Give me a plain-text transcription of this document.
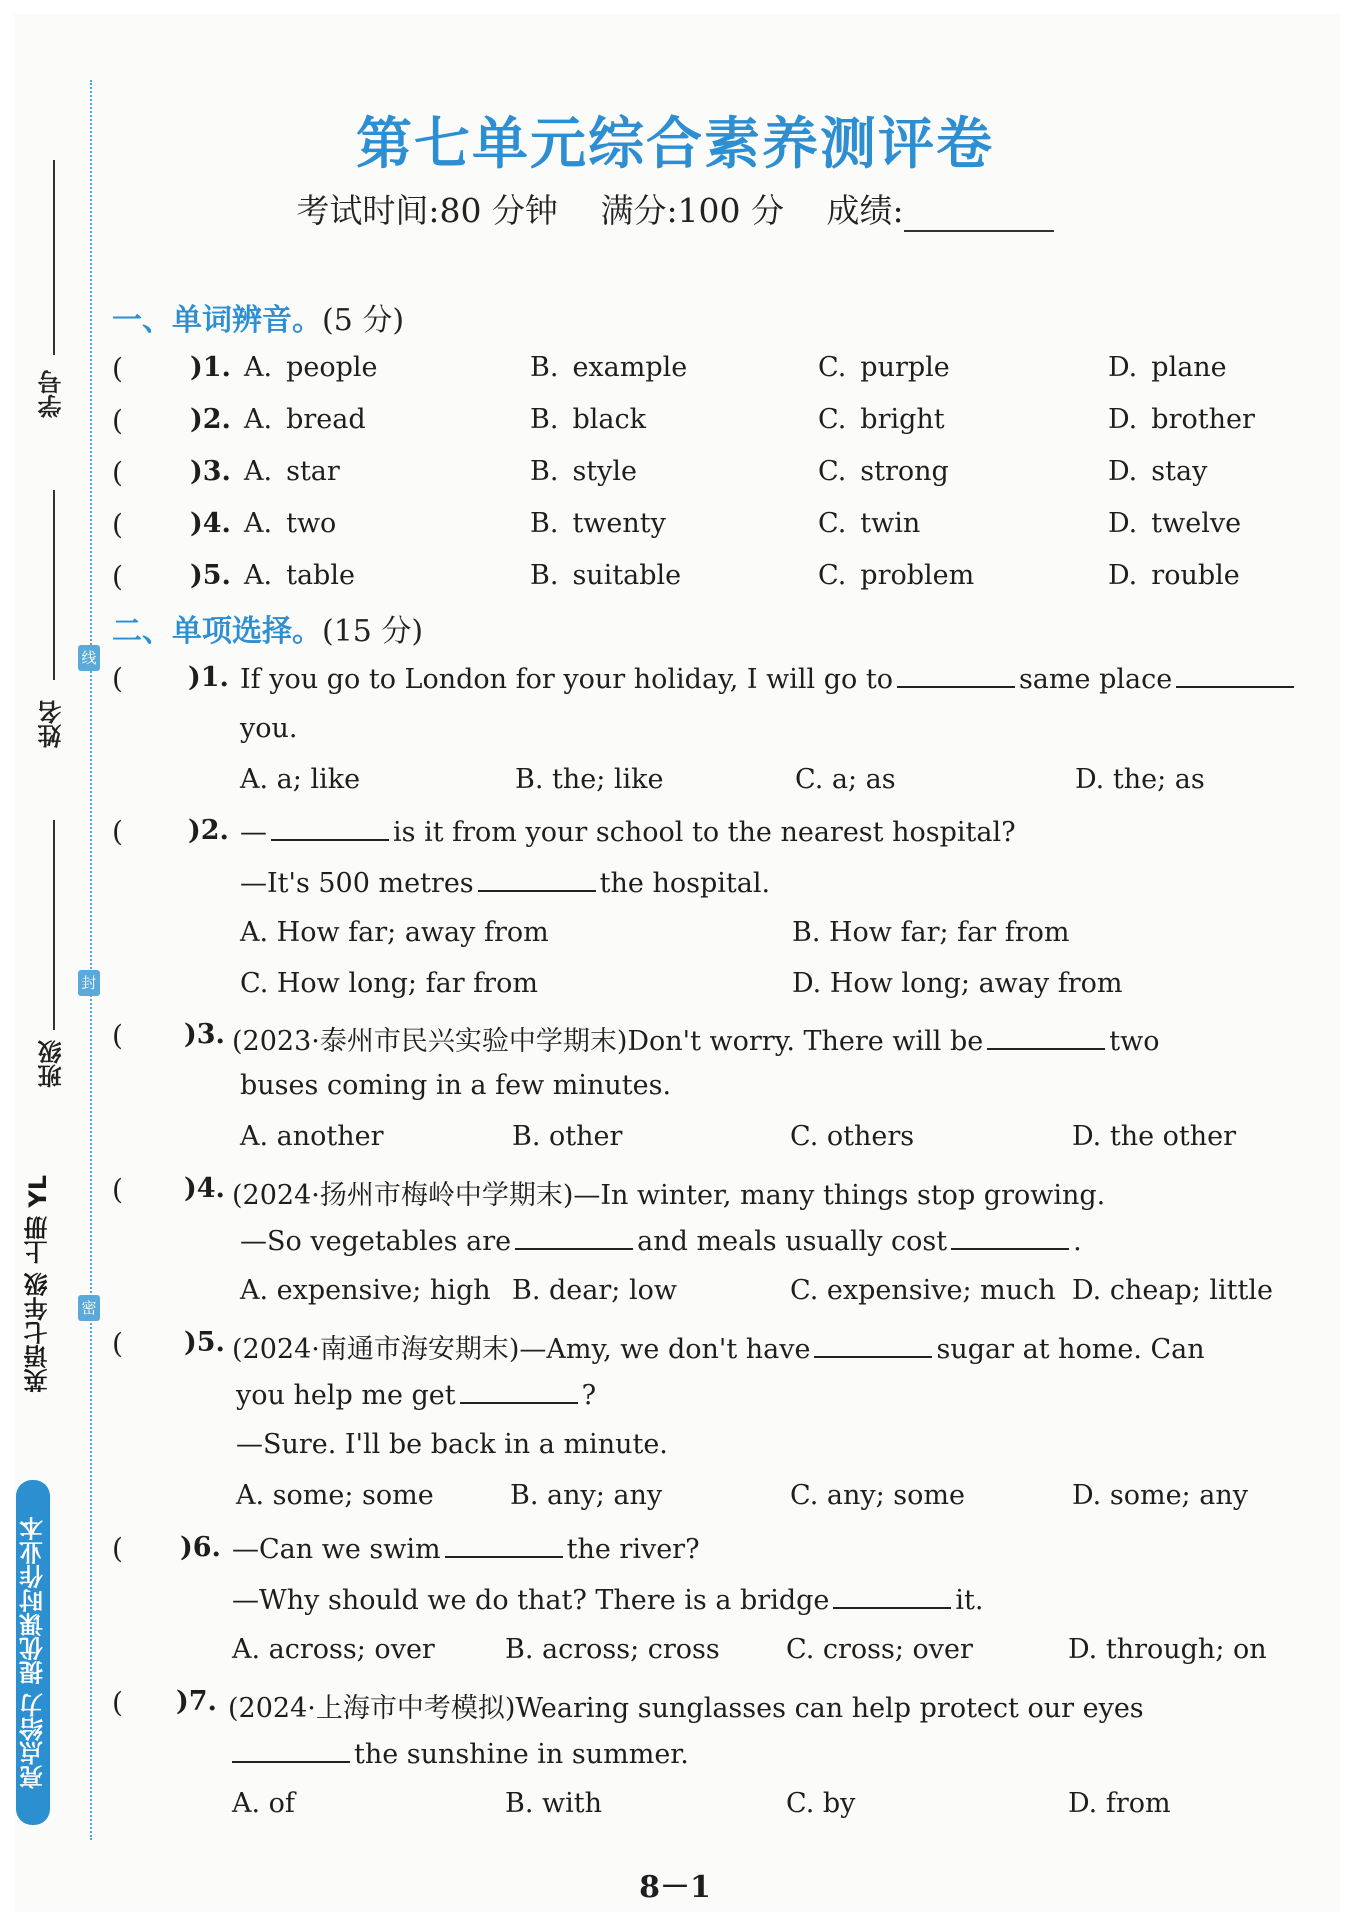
学号
姓名
班级
线
封
密
英语七年级 上册 YL
亮点给力 提优课时作业本
第七单元综合素养测评卷
考试时间:80 分钟 满分:100 分 成绩:
一、单词辨音。(5 分)
( )1. A. people	B. example	C. purple	D. plane
( )2. A. bread	B. black	C. bright	D. brother
( )3. A. star	B. style	C. strong	D. stay
( )4. A. two	B. twenty	C. twin	D. twelve
( )5. A. table	B. suitable	C. problem	D. rouble
二、单项选择。(15 分)
( )1. If you go to London for your holiday, I will go to	same place
you.
A. a; like	B. the; like	C. a; as	D. the; as
( )2. —	is it from your school to the nearest hospital?
—It's 500 metres	the hospital.
A. How far; away from	B. How far; far from
C. How long; far from	D. How long; away from
( )3. (2023·泰州市民兴实验中学期末)Don't worry. There will be	two
buses coming in a few minutes.
A. another	B. other	C. others	D. the other
( )4. (2024·扬州市梅岭中学期末)—In winter, many things stop growing.
—So vegetables are	and meals usually cost	.
A. expensive; high B. dear; low	C. expensive; much D. cheap; little
( )5. (2024·南通市海安期末)—Amy, we don't have	sugar at home. Can
you help me get	?
—Sure. I'll be back in a minute.
A. some; some	B. any; any	C. any; some	D. some; any
( )6. —Can we swim	the river?
—Why should we do that? There is a bridge	it.
A. across; over	B. across; cross C. cross; over	D. through; on
( )7. (2024·上海市中考模拟)Wearing sunglasses can help protect our eyes
the sunshine in summer.
A. of	B. with	C. by	D. from
8－1
